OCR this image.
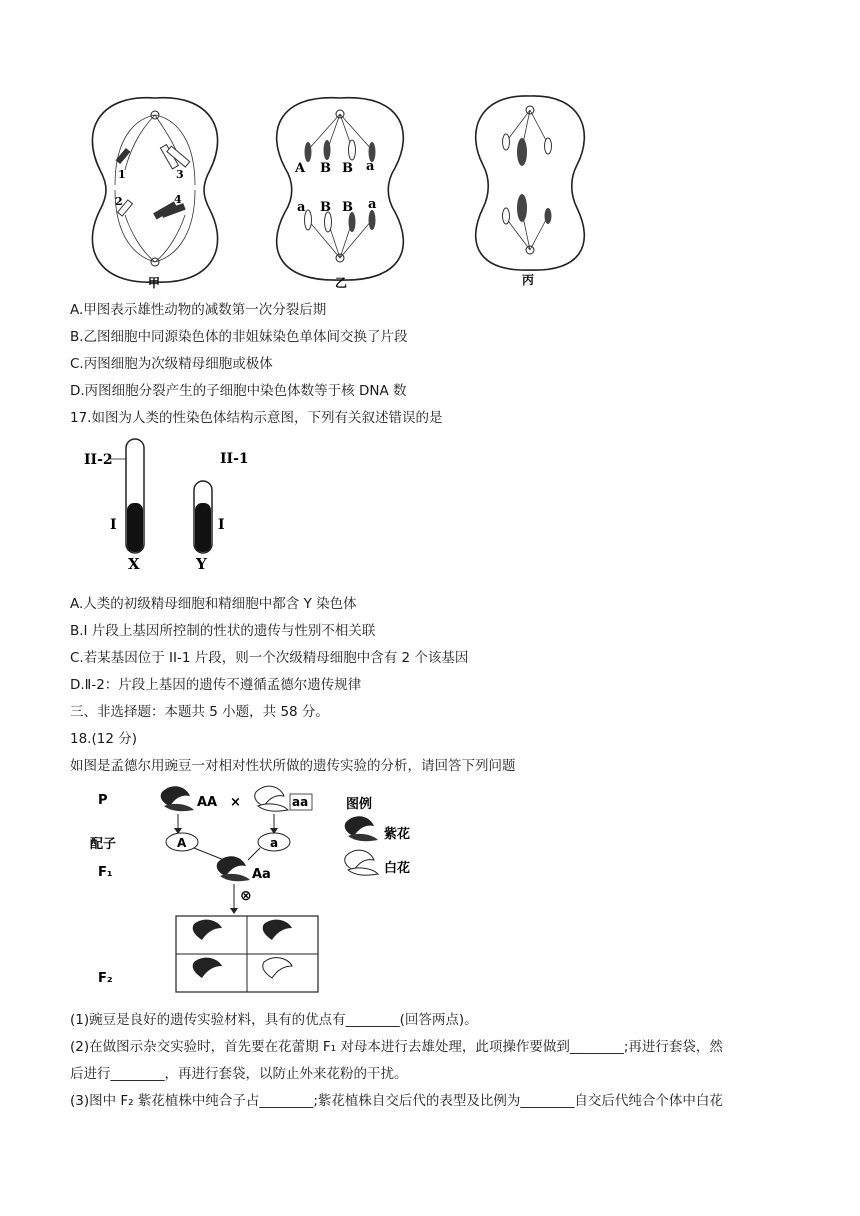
1
2
3
4
甲
A B B a
a B B a
乙	丙
A.甲图表示雄性动物的减数第一次分裂后期
B.乙图细胞中同源染色体的非姐妹染色单体间交换了片段
C.丙图细胞为次级精母细胞或极体
D.丙图细胞分裂产生的子细胞中染色体数等于核 DNA 数
17.如图为人类的性染色体结构示意图，下列有关叙述错误的是
II-2
I
X
II-1
I
Y
A.人类的初级精母细胞和精细胞中都含 Y 染色体
B.I 片段上基因所控制的性状的遗传与性别不相关联
C.若某基因位于 II-1 片段，则一个次级精母细胞中含有 2 个该基因
D.Ⅱ-2：片段上基因的遗传不遵循孟德尔遗传规律
三、非选择题：本题共 5 小题，共 58 分。
18.(12 分)
如图是孟德尔用豌豆一对相对性状所做的遗传实验的分析，请回答下列问题
P
配子
F₁
F₂
AA ×	aa
A	a
Aa
⊗
图例
紫花
白花
(1)豌豆是良好的遗传实验材料，具有的优点有________(回答两点)。
(2)在做图示杂交实验时，首先要在花蕾期 F₁ 对母本进行去雄处理，此项操作要做到________;再进行套袋，然
后进行________，再进行套袋，以防止外来花粉的干扰。
(3)图中 F₂ 紫花植株中纯合子占________;紫花植株自交后代的表型及比例为________自交后代纯合个体中白花
